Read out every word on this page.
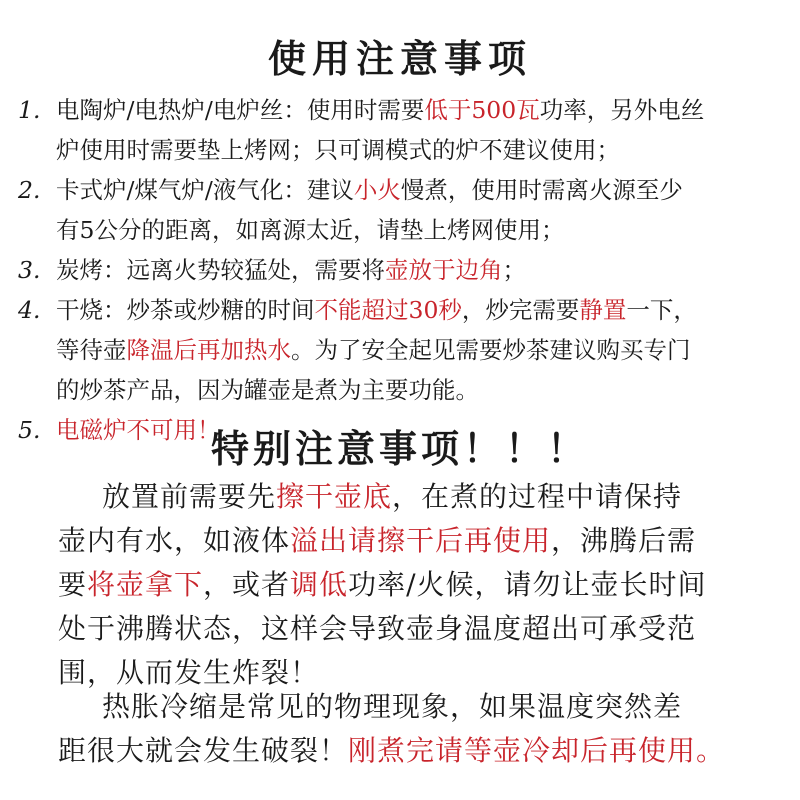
使用注意事项
1. 电陶炉/电热炉/电炉丝：使用时需要低于500瓦功率，另外电丝
炉使用时需要垫上烤网；只可调模式的炉不建议使用；
2. 卡式炉/煤气炉/液气化：建议小火慢煮，使用时需离火源至少
有5公分的距离，如离源太近，请垫上烤网使用；
3. 炭烤：远离火势较猛处，需要将壶放于边角；
4. 干烧：炒茶或炒糖的时间不能超过30秒，炒完需要静置一下，
等待壶降温后再加热水。为了安全起见需要炒茶建议购买专门
的炒茶产品，因为罐壶是煮为主要功能。
5. 电磁炉不可用！
特别注意事项！！！
放置前需要先擦干壶底，在煮的过程中请保持
壶内有水，如液体溢出请擦干后再使用，沸腾后需
要将壶拿下，或者调低功率/火候，请勿让壶长时间
处于沸腾状态，这样会导致壶身温度超出可承受范
围，从而发生炸裂！
热胀冷缩是常见的物理现象，如果温度突然差
距很大就会发生破裂！刚煮完请等壶冷却后再使用。
